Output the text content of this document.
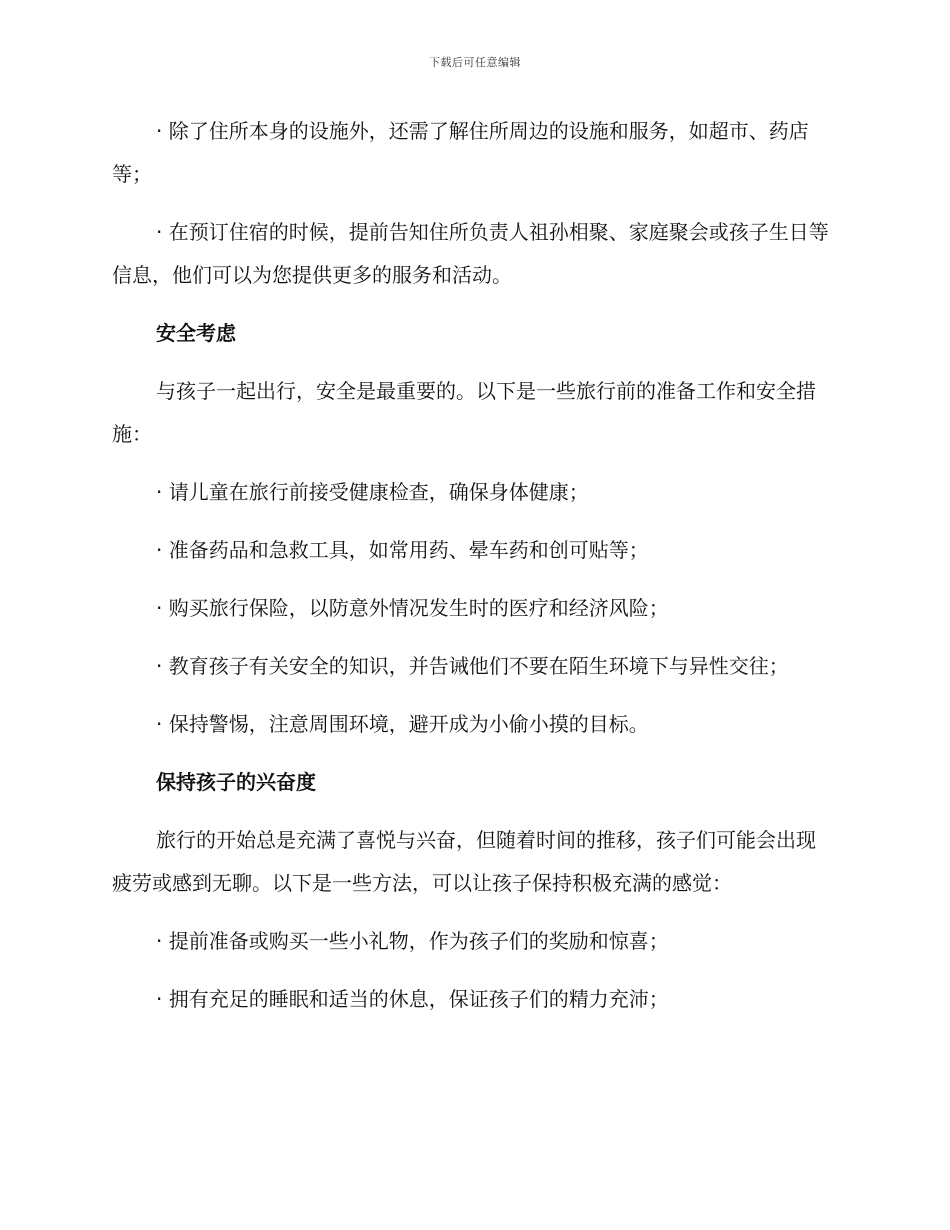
下载后可任意编辑

· 除了住所本身的设施外，还需了解住所周边的设施和服务，如超市、药店等；

· 在预订住宿的时候，提前告知住所负责人祖孙相聚、家庭聚会或孩子生日等信息，他们可以为您提供更多的服务和活动。

安全考虑

与孩子一起出行，安全是最重要的。以下是一些旅行前的准备工作和安全措施：

· 请儿童在旅行前接受健康检查，确保身体健康；

· 准备药品和急救工具，如常用药、晕车药和创可贴等；

· 购买旅行保险，以防意外情况发生时的医疗和经济风险；

· 教育孩子有关安全的知识，并告诫他们不要在陌生环境下与异性交往；

· 保持警惕，注意周围环境，避开成为小偷小摸的目标。

保持孩子的兴奋度

旅行的开始总是充满了喜悦与兴奋，但随着时间的推移，孩子们可能会出现疲劳或感到无聊。以下是一些方法，可以让孩子保持积极充满的感觉：

· 提前准备或购买一些小礼物，作为孩子们的奖励和惊喜；

· 拥有充足的睡眠和适当的休息，保证孩子们的精力充沛；
